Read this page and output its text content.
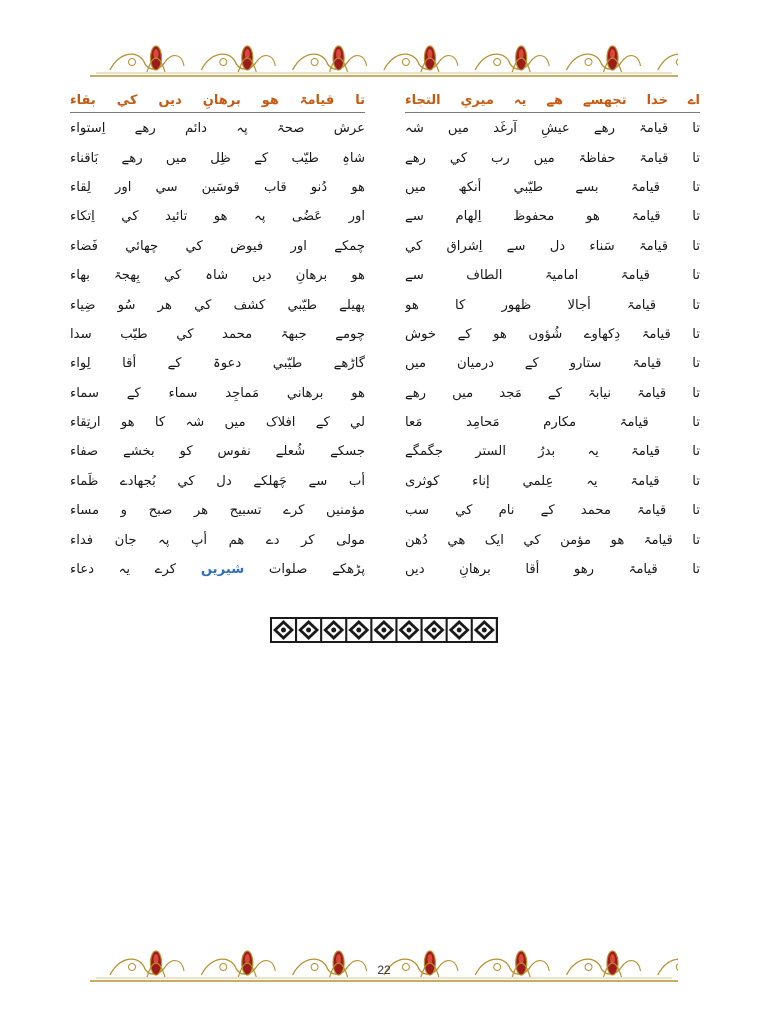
اے خدا تجھسے ھے یہ میري التجاء
تا قیامۃ ھو برھانِ دیں کي بقاء
تا قیامۃ رھے عیشِ آرغَد میں شہ
عرش صحۃ پہ دائم رھے اِستواء
تا قیامۃ حفاظۃ میں رب کي رھے
شاہِ طیّب کے ظِل میں رھے بَاقناء
تا قیامۃ بسے طیّبي أنکھ میں
ھو دُنو قاب قوسَین سي اور لِقاء
تا قیامۃ ھو محفوظ اِلھام سے
اور عَضُی پہ ھو تائید کي اِتکاء
تا قیامۃ سَناء دل سے اِشراق کي
چمکے اور فیوض کي چھائي فَضاء
تا قیامۃ امامیۃ الطاف سے
ھو برھانِ دیں شاہ کي بِھجۃ بھاء
تا قیامۃ أجالا ظھور کا ھو
پھیلے طیّبي کشف کي ھر سُو ضِیاء
تا قیامۃ دِکھاوے شُؤوں ھو کے خوش
چومے جبھۃ محمد کي طیّب سدا
تا قیامۃ ستارو کے درمیان میں
گاڑھے طیّبي دعوۃ کے أقا لِواء
تا قیامۃ نیابۃ کے مَجد میں رھے
ھو برھاني مَماجِد سماء کے سماء
تا قیامۃ مکارم مَحامِد مَعا
لي کے افلاک میں شہ کا ھو ارتِقاء
تا قیامۃ یہ بدرُ الستر جگمگے
جسکے شُعلے نفوس کو بخشے صفاء
تا قیامۃ یہ عِلمي إناء کوثری
أب سے چَھلکے دل کي بُجھادے ظَماء
تا قیامۃ محمد کے نام کي سب
مؤمنیں کرے تسبیح ھر صبح و مساء
تا قیامۃ ھو مؤمن کي ایک ھي دُھن
مولی کر دے ھم أپ پہ جان فداء
تا قیامۃ رھو أقا برھانِ دیں
پڑھکے صلوات شیریں کرے یہ دعاء
22
